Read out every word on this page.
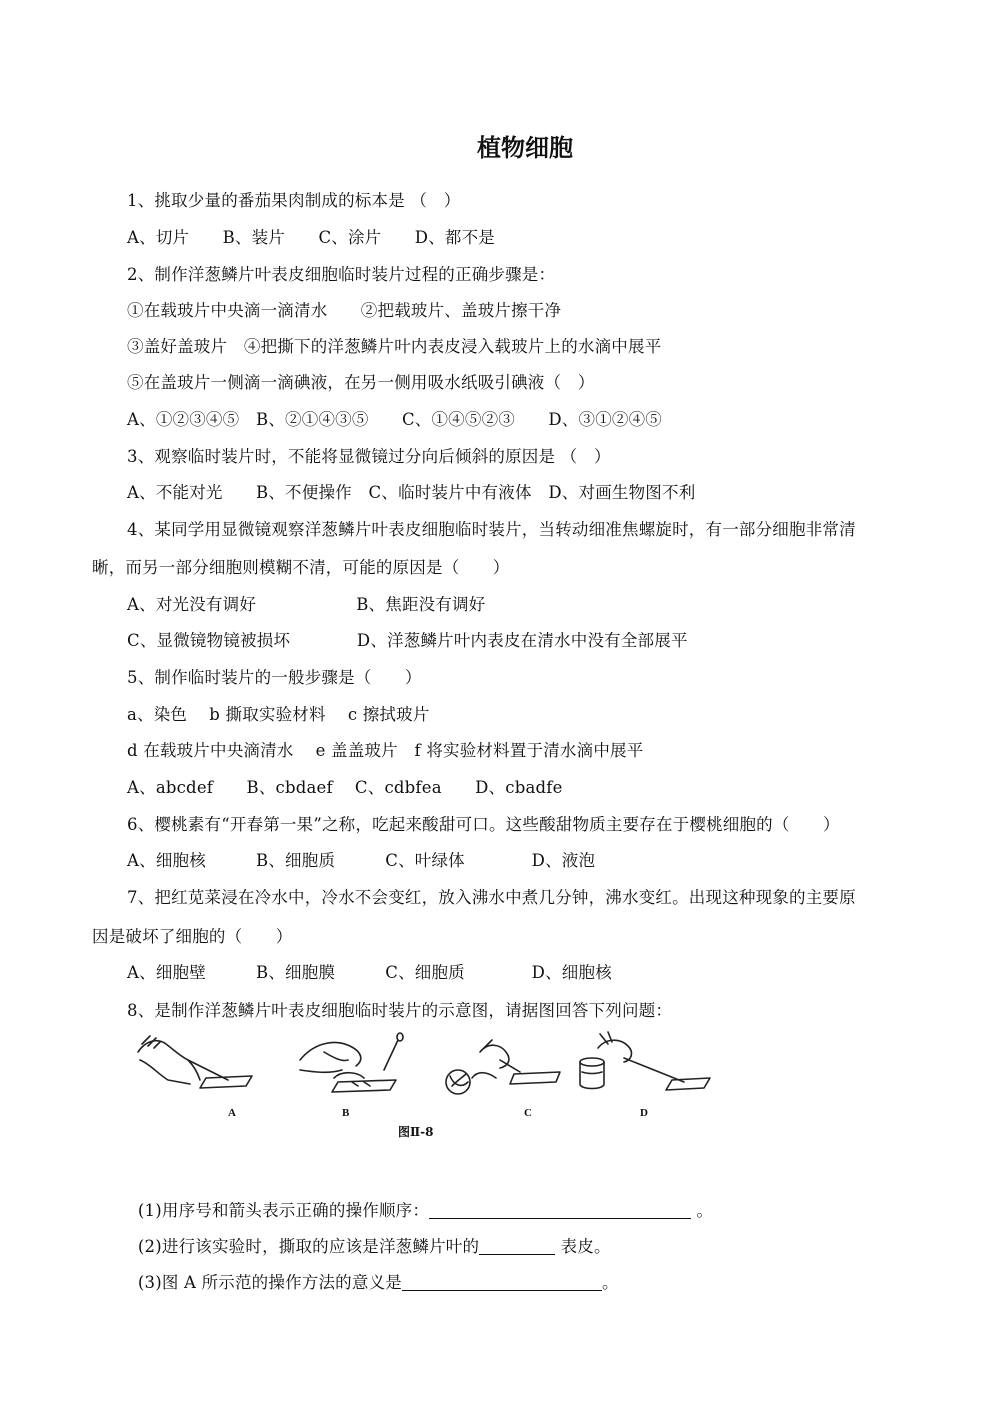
植物细胞
1、挑取少量的番茄果肉制成的标本是 （　）
A、切片　　B、装片　　C、涂片　　D、都不是
2、制作洋葱鳞片叶表皮细胞临时装片过程的正确步骤是：
①在载玻片中央滴一滴清水　　②把载玻片、盖玻片擦干净
③盖好盖玻片　④把撕下的洋葱鳞片叶内表皮浸入载玻片上的水滴中展平
⑤在盖玻片一侧滴一滴碘液，在另一侧用吸水纸吸引碘液（　）
A、①②③④⑤　B、②①④③⑤　　C、①④⑤②③　　D、③①②④⑤
3、观察临时装片时，不能将显微镜过分向后倾斜的原因是 （　）
A、不能对光　　B、不便操作　C、临时装片中有液体　D、对画生物图不利
4、某同学用显微镜观察洋葱鳞片叶表皮细胞临时装片，当转动细准焦螺旋时，有一部分细胞非常清
晰，而另一部分细胞则模糊不清，可能的原因是（　　）
A、对光没有调好　　　　　　B、焦距没有调好
C、显微镜物镜被损坏　　　　D、洋葱鳞片叶内表皮在清水中没有全部展平
5、制作临时装片的一般步骤是（　　）
a、染色　 b 撕取实验材料　 c 擦拭玻片
d 在载玻片中央滴清水　 e 盖盖玻片　f 将实验材料置于清水滴中展平
A、abcdef　　B、cbdaef　 C、cdbfea　　D、cbadfe
6、樱桃素有“开春第一果”之称，吃起来酸甜可口。这些酸甜物质主要存在于樱桃细胞的（　　）
A、细胞核　　　B、细胞质　　　C、叶绿体　　　　D、液泡
7、把红苋菜浸在冷水中，冷水不会变红，放入沸水中煮几分钟，沸水变红。出现这种现象的主要原
因是破坏了细胞的（　　）
A、细胞壁　　　B、细胞膜　　　C、细胞质　　　　D、细胞核
8、是制作洋葱鳞片叶表皮细胞临时装片的示意图，请据图回答下列问题：
A	B	C	D
图Ⅱ-8

(1)用序号和箭头表示正确的操作顺序：	。

(2)进行该实验时，撕取的应该是洋葱鳞片叶的	表皮。

(3)图 A 所示范的操作方法的意义是	。
